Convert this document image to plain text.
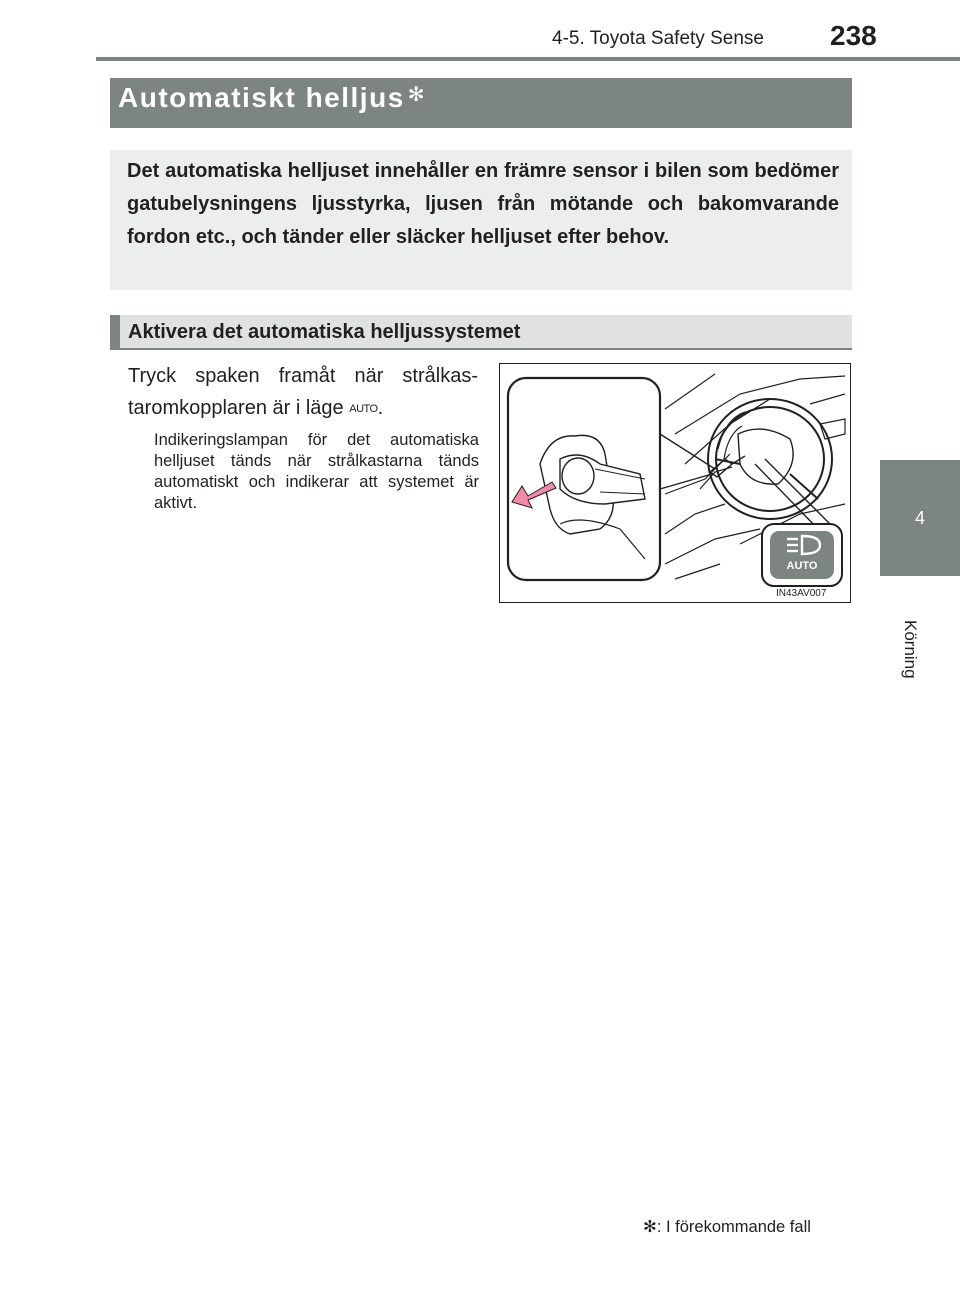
4-5. Toyota Safety Sense 238
4
Körning
Automatiskt helljus ✻
Det automatiska helljuset innehåller en främre sensor i bilen som bedömer gatubelysningens ljusstyrka, ljusen från mötande och bakomvarande fordon etc., och tänder eller släcker helljuset efter behov.
Aktivera det automatiska helljussystemet
Tryck spaken framåt när strålkas-
taromkopplaren är i läge AUTO.
Indikeringslampan för det automatiska helljuset tänds när strålkastarna tänds automatiskt och indikerar att systemet är aktivt.
AUTO
IN43AV007
✻: I förekommande fall
